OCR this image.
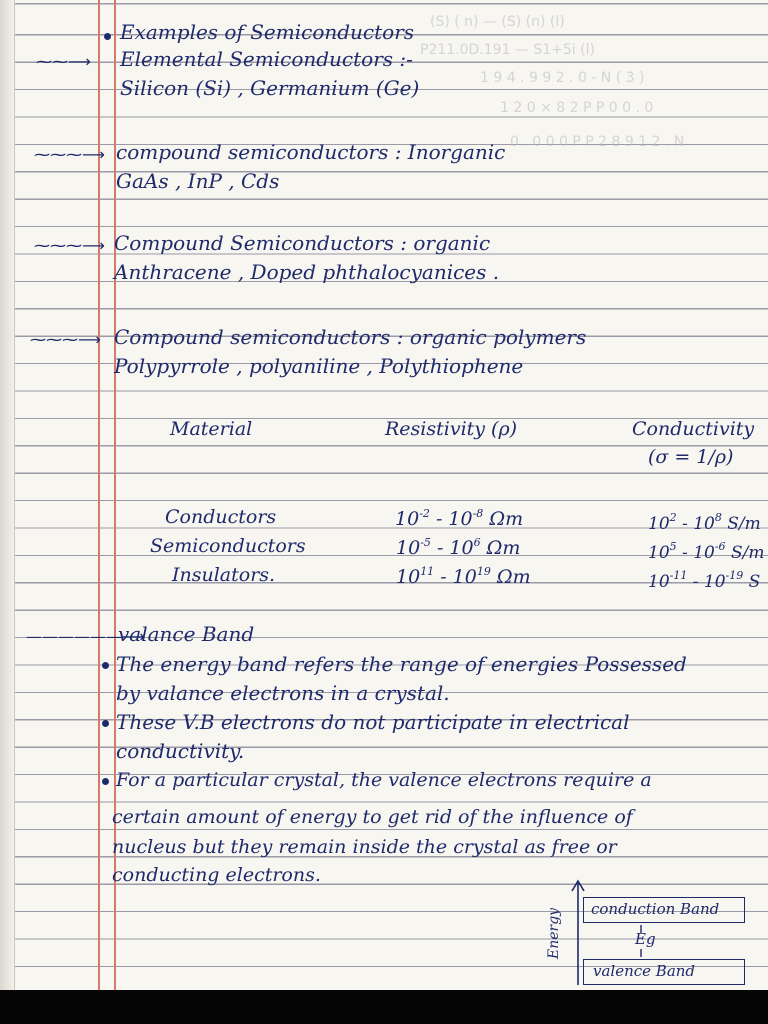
(S) ( n) — (S) (n) (l)
P211.0D.191 — S1+5i (l)
1 9 4 . 9 9 2 . 0 - N ( 3 )
1 2 0 × 8 2 P P 0 0 . 0
0 . 0 0 0 P P 2 8 9 1 2 . N
Examples of Semiconductors
⁓⁓⟶ Elemental Semiconductors :-
Silicon (Si) , Germanium (Ge)
⁓⁓⁓⟶ compound semiconductors : Inorganic
GaAs , InP , Cds
⁓⁓⁓⟶ Compound Semiconductors : organic
Anthracene , Doped phthalocyanices .
⁓⁓⁓⟶ Compound semiconductors : organic polymers
Polypyrrole , polyaniline , Polythiophene
Material	Resistivity (ρ)	Conductivity
(σ = 1/ρ)
Conductors	$10^{-2} - 10^{-8}$ Ωm	$10^2 - 10^8$ S/m
Semiconductors	$10^{-5} - 10^6$ Ωm	$10^5 - 10^{-6}$ S/m
Insulators.	$10^{11} - 10^{19}$ Ωm	$10^{-11} - 10^{-19}$ S
——————⟶
valance Band
The energy band refers the range of energies Possessed
by valance electrons in a crystal.
These V.B electrons do not participate in electrical
conductivity.
For a particular crystal, the valence electrons require a
certain amount of energy to get rid of the influence of
nucleus but they remain inside the crystal as free or
conducting electrons.
conduction Band
Eg
valence Band
Energy
